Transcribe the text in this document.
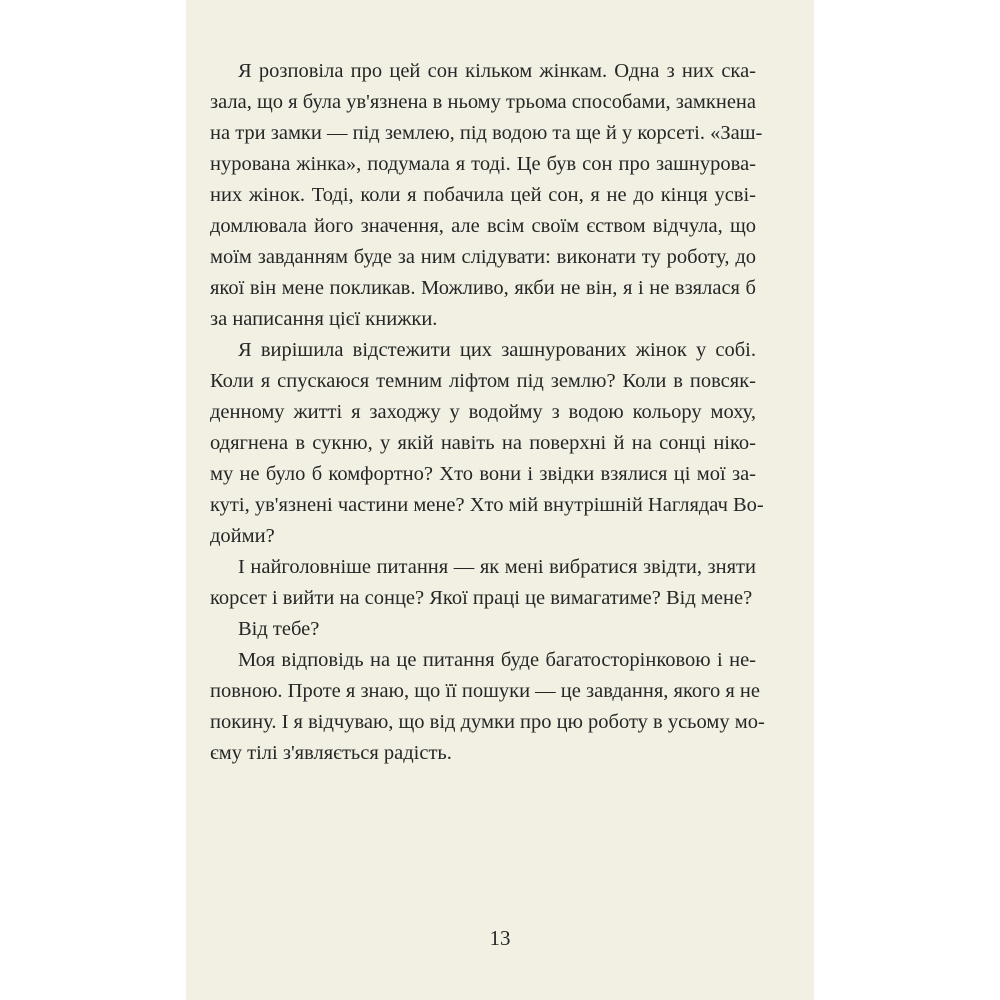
Я розповіла про цей сон кільком жінкам. Одна з них ска-
зала, що я була ув'язнена в ньому трьома способами, замкнена
на три замки — під землею, під водою та ще й у корсеті. «Заш-
нурована жінка», подумала я тоді. Це був сон про зашнурова-
них жінок. Тоді, коли я побачила цей сон, я не до кінця усві-
домлювала його значення, але всім своїм єством відчула, що
моїм завданням буде за ним слідувати: виконати ту роботу, до
якої він мене покликав. Можливо, якби не він, я і не взялася б
за написання цієї книжки.
Я вирішила відстежити цих зашнурованих жінок у собі.
Коли я спускаюся темним ліфтом під землю? Коли в повсяк-
денному житті я заходжу у водойму з водою кольору моху,
одягнена в сукню, у якій навіть на поверхні й на сонці ніко-
му не було б комфортно? Хто вони і звідки взялися ці мої за-
куті, ув'язнені частини мене? Хто мій внутрішній Наглядач Во-
дойми?
І найголовніше питання — як мені вибратися звідти, зняти
корсет і вийти на сонце? Якої праці це вимагатиме? Від мене?
Від тебе?
Моя відповідь на це питання буде багатосторінковою і не-
повною. Проте я знаю, що її пошуки — це завдання, якого я не
покину. І я відчуваю, що від думки про цю роботу в усьому мо-
єму тілі з'являється радість.
13
